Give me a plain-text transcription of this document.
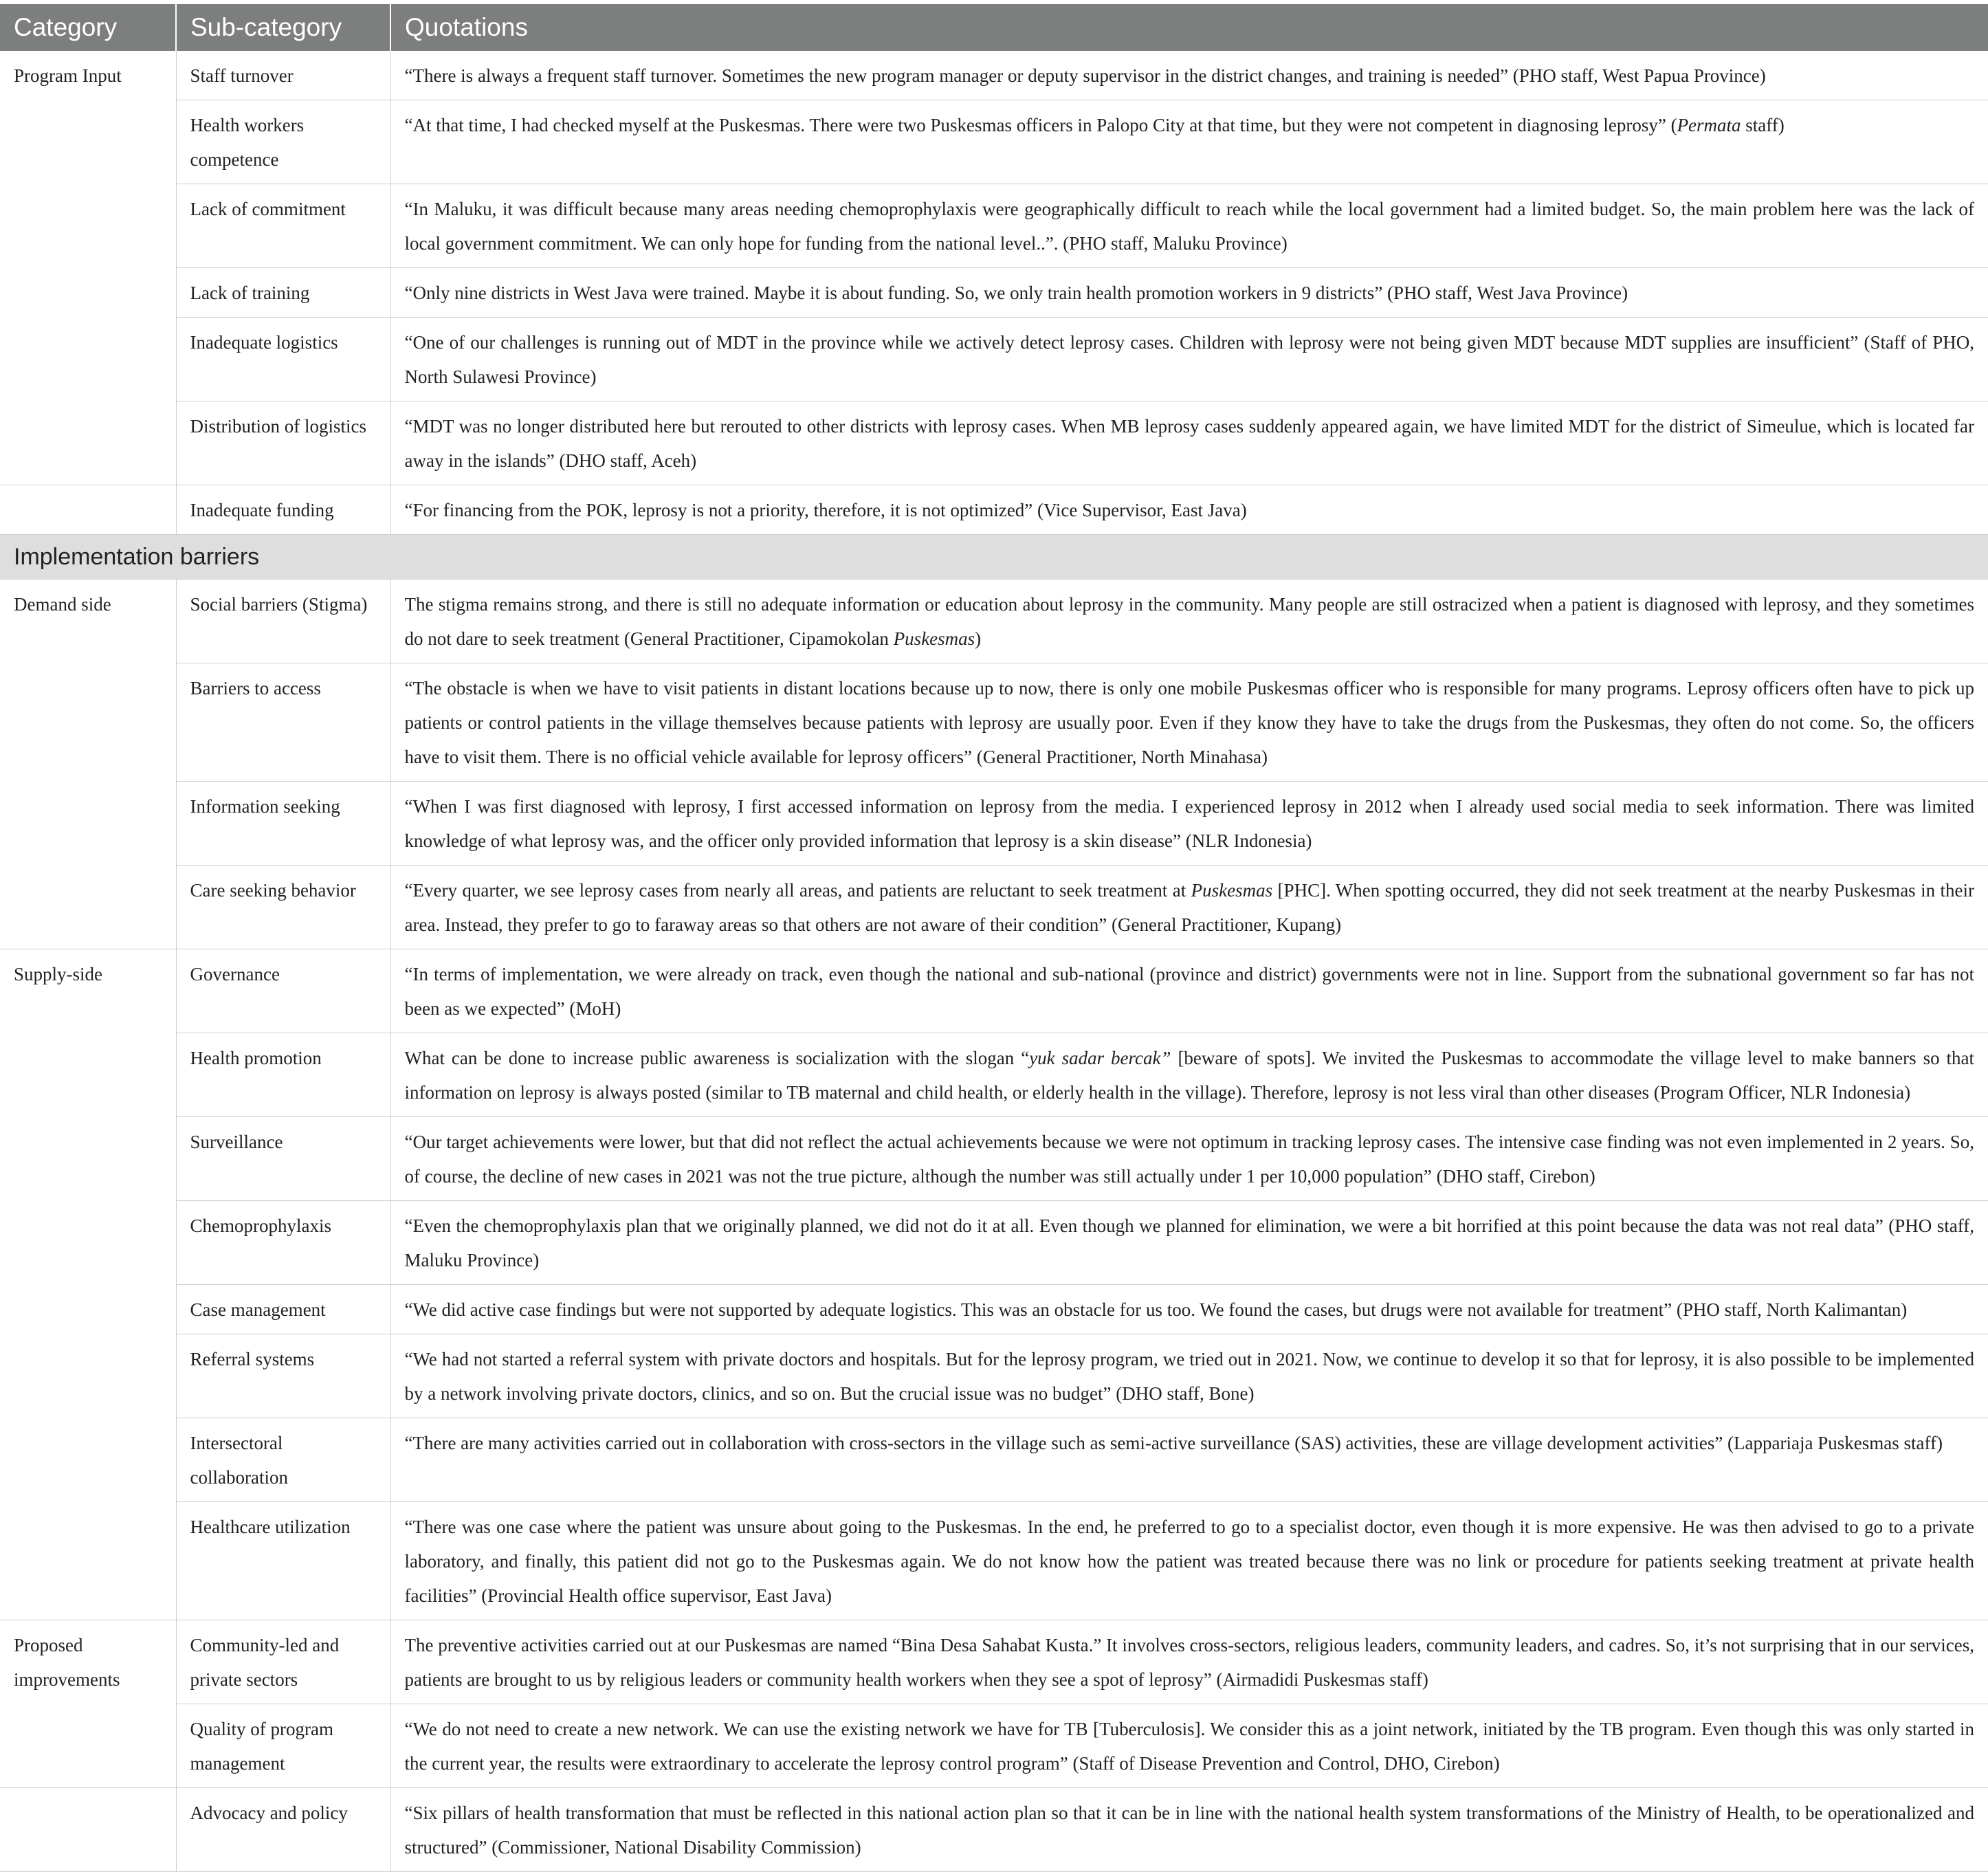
Category	Sub-category	Quotations
Program Input	Staff turnover	“There is always a frequent staff turnover. Sometimes the new program manager or deputy supervisor in the district changes, and training is needed” (PHO staff, West Papua Province)
	Health workers competence	“At that time, I had checked myself at the Puskesmas. There were two Puskesmas officers in Palopo City at that time, but they were not competent in diagnosing leprosy” (Permata staff)
	Lack of commitment	“In Maluku, it was difficult because many areas needing chemoprophylaxis were geographically difficult to reach while the local government had a limited budget. So, the main problem here was the lack of local government commitment. We can only hope for funding from the national level..”. (PHO staff, Maluku Province)
	Lack of training	“Only nine districts in West Java were trained. Maybe it is about funding. So, we only train health promotion workers in 9 districts” (PHO staff, West Java Province)
	Inadequate logistics	“One of our challenges is running out of MDT in the province while we actively detect leprosy cases. Children with leprosy were not being given MDT because MDT supplies are insufficient” (Staff of PHO, North Sulawesi Province)
	Distribution of logistics	“MDT was no longer distributed here but rerouted to other districts with leprosy cases. When MB leprosy cases suddenly appeared again, we have limited MDT for the district of Simeulue, which is located far away in the islands” (DHO staff, Aceh)
	Inadequate funding	“For financing from the POK, leprosy is not a priority, therefore, it is not optimized” (Vice Supervisor, East Java)
Implementation barriers		
Demand side	Social barriers (Stigma)	The stigma remains strong, and there is still no adequate information or education about leprosy in the community. Many people are still ostracized when a patient is diagnosed with leprosy, and they sometimes do not dare to seek treatment (General Practitioner, Cipamokolan Puskesmas)
	Barriers to access	“The obstacle is when we have to visit patients in distant locations because up to now, there is only one mobile Puskesmas officer who is responsible for many programs. Leprosy officers often have to pick up patients or control patients in the village themselves because patients with leprosy are usually poor. Even if they know they have to take the drugs from the Puskesmas, they often do not come. So, the officers have to visit them. There is no official vehicle available for leprosy officers” (General Practitioner, North Minahasa)
	Information seeking	“When I was first diagnosed with leprosy, I first accessed information on leprosy from the media. I experienced leprosy in 2012 when I already used social media to seek information. There was limited knowledge of what leprosy was, and the officer only provided information that leprosy is a skin disease” (NLR Indonesia)
	Care seeking behavior	“Every quarter, we see leprosy cases from nearly all areas, and patients are reluctant to seek treatment at Puskesmas [PHC]. When spotting occurred, they did not seek treatment at the nearby Puskesmas in their area. Instead, they prefer to go to faraway areas so that others are not aware of their condition” (General Practitioner, Kupang)
Supply-side	Governance	“In terms of implementation, we were already on track, even though the national and sub-national (province and district) governments were not in line. Support from the subnational government so far has not been as we expected” (MoH)
	Health promotion	What can be done to increase public awareness is socialization with the slogan “yuk sadar bercak” [beware of spots]. We invited the Puskesmas to accommodate the village level to make banners so that information on leprosy is always posted (similar to TB maternal and child health, or elderly health in the village). Therefore, leprosy is not less viral than other diseases (Program Officer, NLR Indonesia)
	Surveillance	“Our target achievements were lower, but that did not reflect the actual achievements because we were not optimum in tracking leprosy cases. The intensive case finding was not even implemented in 2 years. So, of course, the decline of new cases in 2021 was not the true picture, although the number was still actually under 1 per 10,000 population” (DHO staff, Cirebon)
	Chemoprophylaxis	“Even the chemoprophylaxis plan that we originally planned, we did not do it at all. Even though we planned for elimination, we were a bit horrified at this point because the data was not real data” (PHO staff, Maluku Province)
	Case management	“We did active case findings but were not supported by adequate logistics. This was an obstacle for us too. We found the cases, but drugs were not available for treatment” (PHO staff, North Kalimantan)
	Referral systems	“We had not started a referral system with private doctors and hospitals. But for the leprosy program, we tried out in 2021. Now, we continue to develop it so that for leprosy, it is also possible to be implemented by a network involving private doctors, clinics, and so on. But the crucial issue was no budget” (DHO staff, Bone)
	Intersectoral collaboration	“There are many activities carried out in collaboration with cross-sectors in the village such as semi-active surveillance (SAS) activities, these are village development activities” (Lappariaja Puskesmas staff)
	Healthcare utilization	“There was one case where the patient was unsure about going to the Puskesmas. In the end, he preferred to go to a specialist doctor, even though it is more expensive. He was then advised to go to a private laboratory, and finally, this patient did not go to the Puskesmas again. We do not know how the patient was treated because there was no link or procedure for patients seeking treatment at private health facilities” (Provincial Health office supervisor, East Java)
Proposed improvements	Community-led and private sectors	The preventive activities carried out at our Puskesmas are named “Bina Desa Sahabat Kusta.” It involves cross-sectors, religious leaders, community leaders, and cadres. So, it’s not surprising that in our services, patients are brought to us by religious leaders or community health workers when they see a spot of leprosy” (Airmadidi Puskesmas staff)
	Quality of program management	“We do not need to create a new network. We can use the existing network we have for TB [Tuberculosis]. We consider this as a joint network, initiated by the TB program. Even though this was only started in the current year, the results were extraordinary to accelerate the leprosy control program” (Staff of Disease Prevention and Control, DHO, Cirebon)
	Advocacy and policy	“Six pillars of health transformation that must be reflected in this national action plan so that it can be in line with the national health system transformations of the Ministry of Health, to be operationalized and structured” (Commissioner, National Disability Commission)
